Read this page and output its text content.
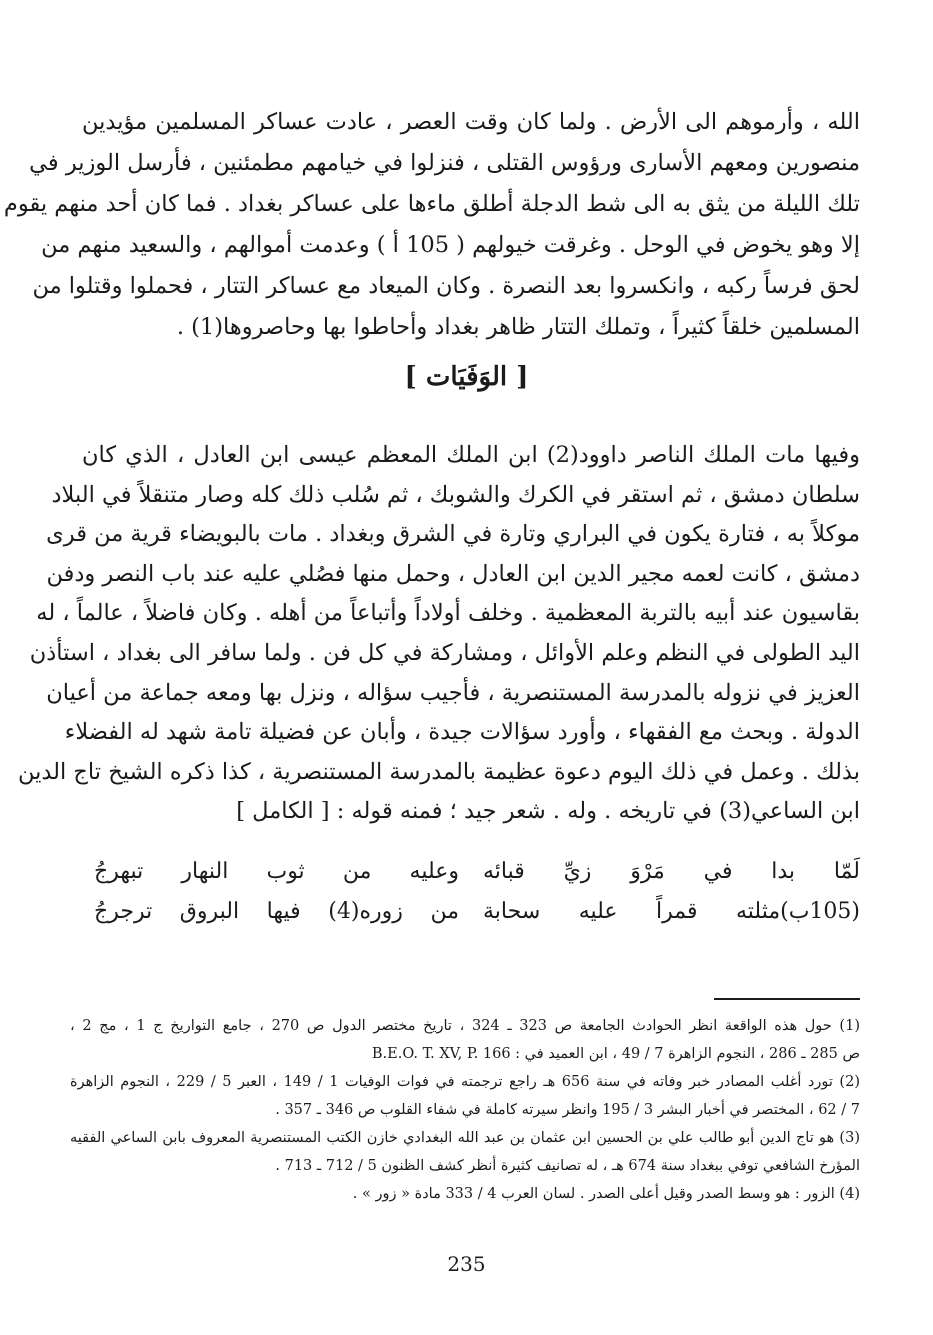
الله ، وأرموهم الى الأرض . ولما كان وقت العصر ، عادت عساكر المسلمين مؤيدين
منصورين ومعهم الأسارى ورؤوس القتلى ، فنزلوا في خيامهم مطمئنين ، فأرسل الوزير في
تلك الليلة من يثق به الى شط الدجلة أطلق ماءها على عساكر بغداد . فما كان أحد منهم يقوم
إلا وهو يخوض في الوحل . وغرقت خيولهم ( 105 أ ) وعدمت أموالهم ، والسعيد منهم من
لحق فرساً ركبه ، وانكسروا بعد النصرة . وكان الميعاد مع عساكر التتار ، فحملوا وقتلوا من
المسلمين خلقاً كثيراً ، وتملك التتار ظاهر بغداد وأحاطوا بها وحاصروها(1) .
[ الوَفَيَات ]
وفيها مات الملك الناصر داوود(2) ابن الملك المعظم عيسى ابن العادل ، الذي كان
سلطان دمشق ، ثم استقر في الكرك والشوبك ، ثم سُلب ذلك كله وصار متنقلاً في البلاد
موكلاً به ، فتارة يكون في البراري وتارة في الشرق وبغداد . مات بالبويضاء قرية من قرى
دمشق ، كانت لعمه مجير الدين ابن العادل ، وحمل منها فصُلي عليه عند باب النصر ودفن
بقاسيون عند أبيه بالتربة المعظمية . وخلف أولاداً وأتباعاً من أهله . وكان فاضلاً ، عالماً ، له
اليد الطولى في النظم وعلم الأوائل ، ومشاركة في كل فن . ولما سافر الى بغداد ، استأذن
العزيز في نزوله بالمدرسة المستنصرية ، فأجيب سؤاله ، ونزل بها ومعه جماعة من أعيان
الدولة . وبحث مع الفقهاء ، وأورد سؤالات جيدة ، وأبان عن فضيلة تامة شهد له الفضلاء
بذلك . وعمل في ذلك اليوم دعوة عظيمة بالمدرسة المستنصرية ، كذا ذكره الشيخ تاج الدين
ابن الساعي(3) في تاريخه . وله . شعر جيد ؛ فمنه قوله : [ الكامل ]
لَمّا بدا في مَرْوَ زيِّ قبائه
وعليه من ثوب النهار تبهرجُ
(105ب)مثلته قمراً عليه سحابة
من زوره(4) فيها البروق ترجرجُ
(1) حول هذه الواقعة انظر الحوادث الجامعة ص 323 ـ 324 ، تاريخ مختصر الدول ص 270 ، جامع التواريخ ج 1 ، مج 2 ،
ص 285 ـ 286 ، النجوم الزاهرة 7 / 49 ، ابن العميد في : B.E.O. T. XV, P. 166
(2) تورد أغلب المصادر خبر وفاته في سنة 656 هـ راجع ترجمته في فوات الوفيات 1 / 149 ، العبر 5 / 229 ، النجوم الزاهرة
7 / 62 ، المختصر في أخبار البشر 3 / 195 وانظر سيرته كاملة في شفاء القلوب ص 346 ـ 357 .
(3) هو تاج الدين أبو طالب علي بن الحسين ابن عثمان بن عبد الله البغدادي خازن الكتب المستنصرية المعروف بابن الساعي الفقيه
المؤرخ الشافعي توفي ببغداد سنة 674 هـ ، له تصانيف كثيرة أنظر كشف الظنون 5 / 712 ـ 713 .
(4) الزور : هو وسط الصدر وقيل أعلى الصدر . لسان العرب 4 / 333 مادة « زور » .
235
